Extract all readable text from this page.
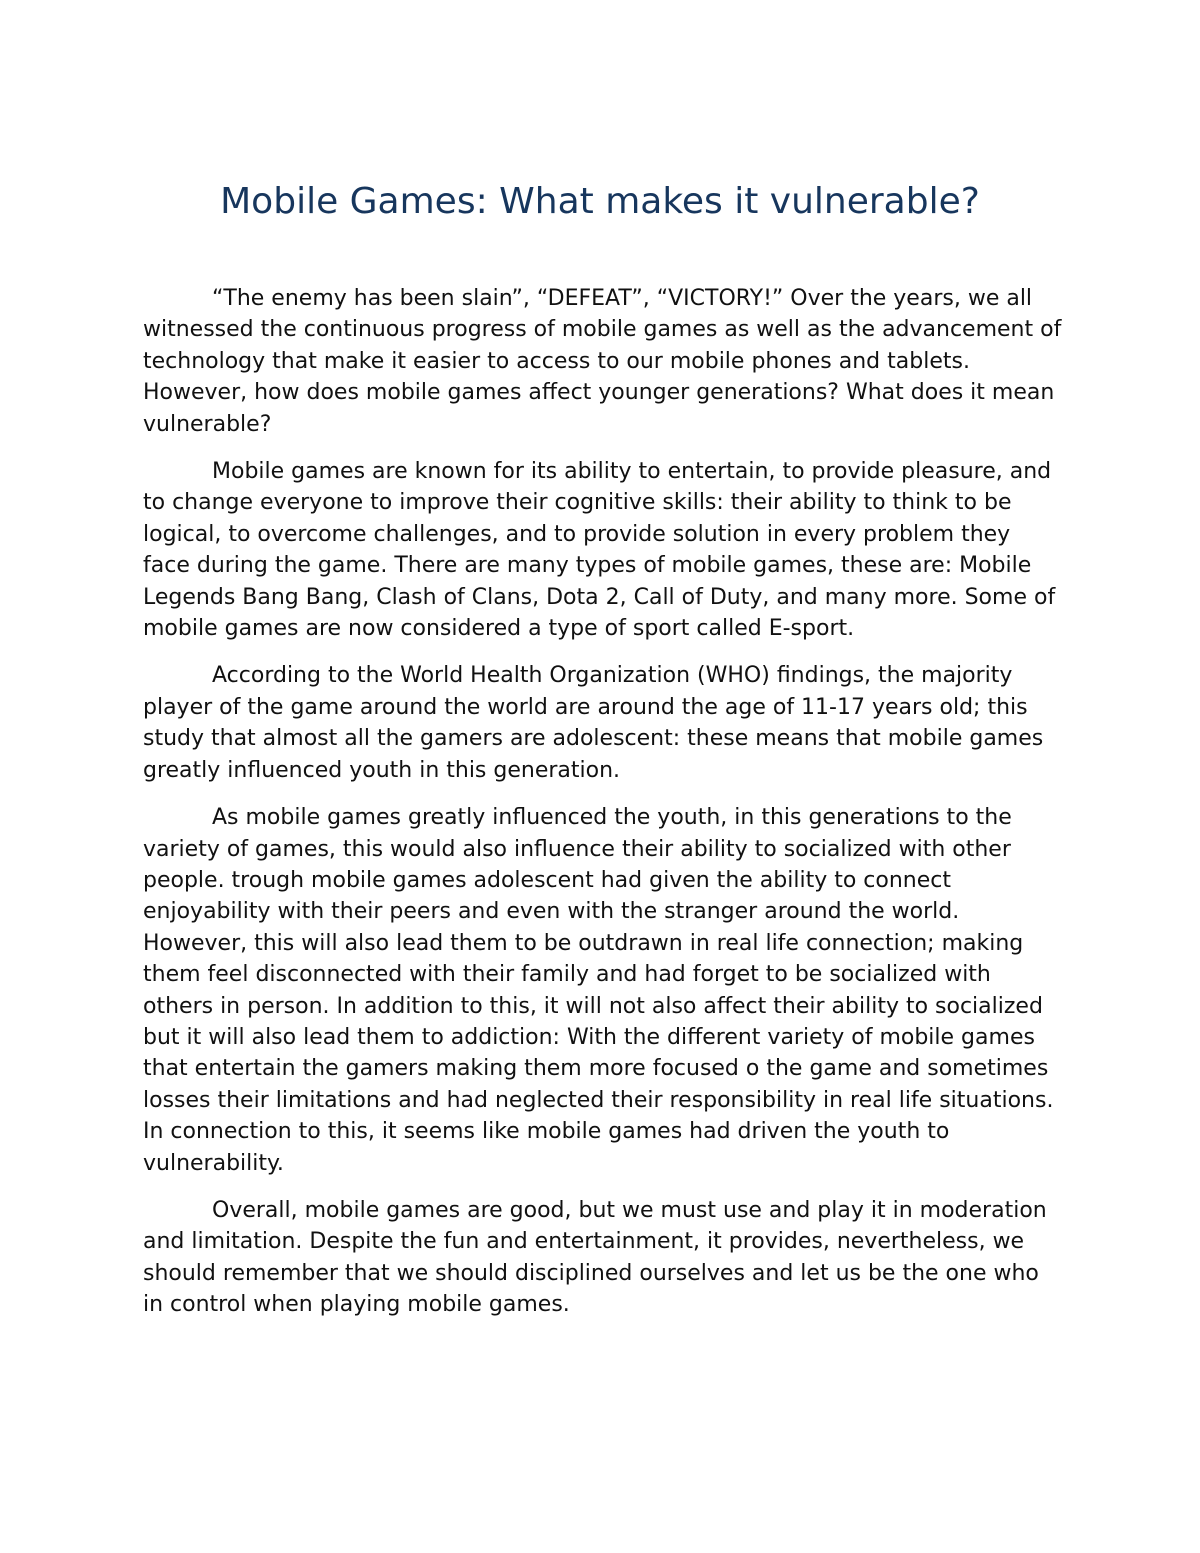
Mobile Games: What makes it vulnerable?

“The enemy has been slain”, “DEFEAT”, “VICTORY!” Over the years, we all witnessed the continuous progress of mobile games as well as the advancement of technology that make it easier to access to our mobile phones and tablets. However, how does mobile games affect younger generations? What does it mean vulnerable?

Mobile games are known for its ability to entertain, to provide pleasure, and to change everyone to improve their cognitive skills: their ability to think to be logical, to overcome challenges, and to provide solution in every problem they face during the game. There are many types of mobile games, these are: Mobile Legends Bang Bang, Clash of Clans, Dota 2, Call of Duty, and many more. Some of mobile games are now considered a type of sport called E-sport.

According to the World Health Organization (WHO) findings, the majority player of the game around the world are around the age of 11-17 years old; this study that almost all the gamers are adolescent: these means that mobile games greatly influenced youth in this generation.

As mobile games greatly influenced the youth, in this generations to the variety of games, this would also influence their ability to socialized with other people. trough mobile games adolescent had given the ability to connect enjoyability with their peers and even with the stranger around the world. However, this will also lead them to be outdrawn in real life connection; making them feel disconnected with their family and had forget to be socialized with others in person. In addition to this, it will not also affect their ability to socialized but it will also lead them to addiction: With the different variety of mobile games that entertain the gamers making them more focused o the game and sometimes losses their limitations and had neglected their responsibility in real life situations. In connection to this, it seems like mobile games had driven the youth to vulnerability.

Overall, mobile games are good, but we must use and play it in moderation and limitation. Despite the fun and entertainment, it provides, nevertheless, we should remember that we should disciplined ourselves and let us be the one who in control when playing mobile games.
